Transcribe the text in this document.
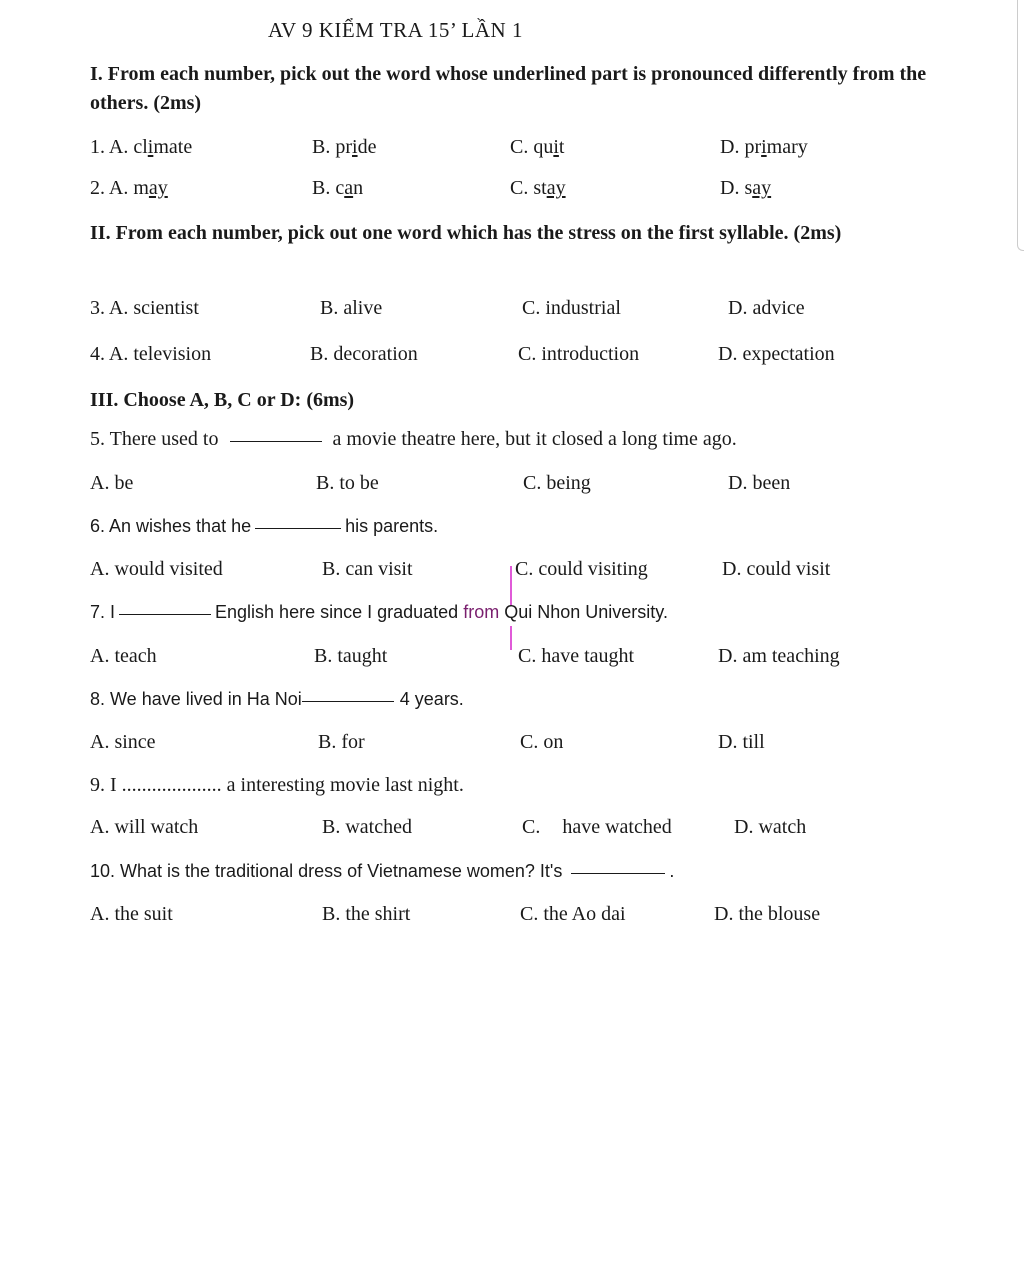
AV 9 KIỂM TRA 15’ LẦN 1
I. From each number, pick out the word whose underlined part is pronounced differently from the others. (2ms)
1. A. climate	B. pride	C. quit	D. primary
2. A. may	B. can	C. stay	D. say
II. From each number, pick out one word which has the stress on the first syllable. (2ms)
3. A. scientist	B. alive	C. industrial	D. advice
4. A. television	B. decoration	C. introduction	D. expectation
III. Choose A, B, C or D: (6ms)
5. There used to	a movie theatre here, but it closed a long time ago.
A. be	B. to be	C. being	D. been
6. An wishes that he	his parents.
A. would visited	B. can visit	C. could visiting	D. could visit
7. I	English here since I graduated from Qui Nhon University.
A. teach	B. taught	C. have taught	D. am teaching
8. We have lived in Ha Noi	4 years.
A. since	B. for	C. on	D. till
9. I .................... a interesting movie last night.
A. will watch	B. watched	C. have watched	D. watch
10. What is the traditional dress of Vietnamese women? It's	.
A. the suit	B. the shirt	C. the Ao dai	D. the blouse
